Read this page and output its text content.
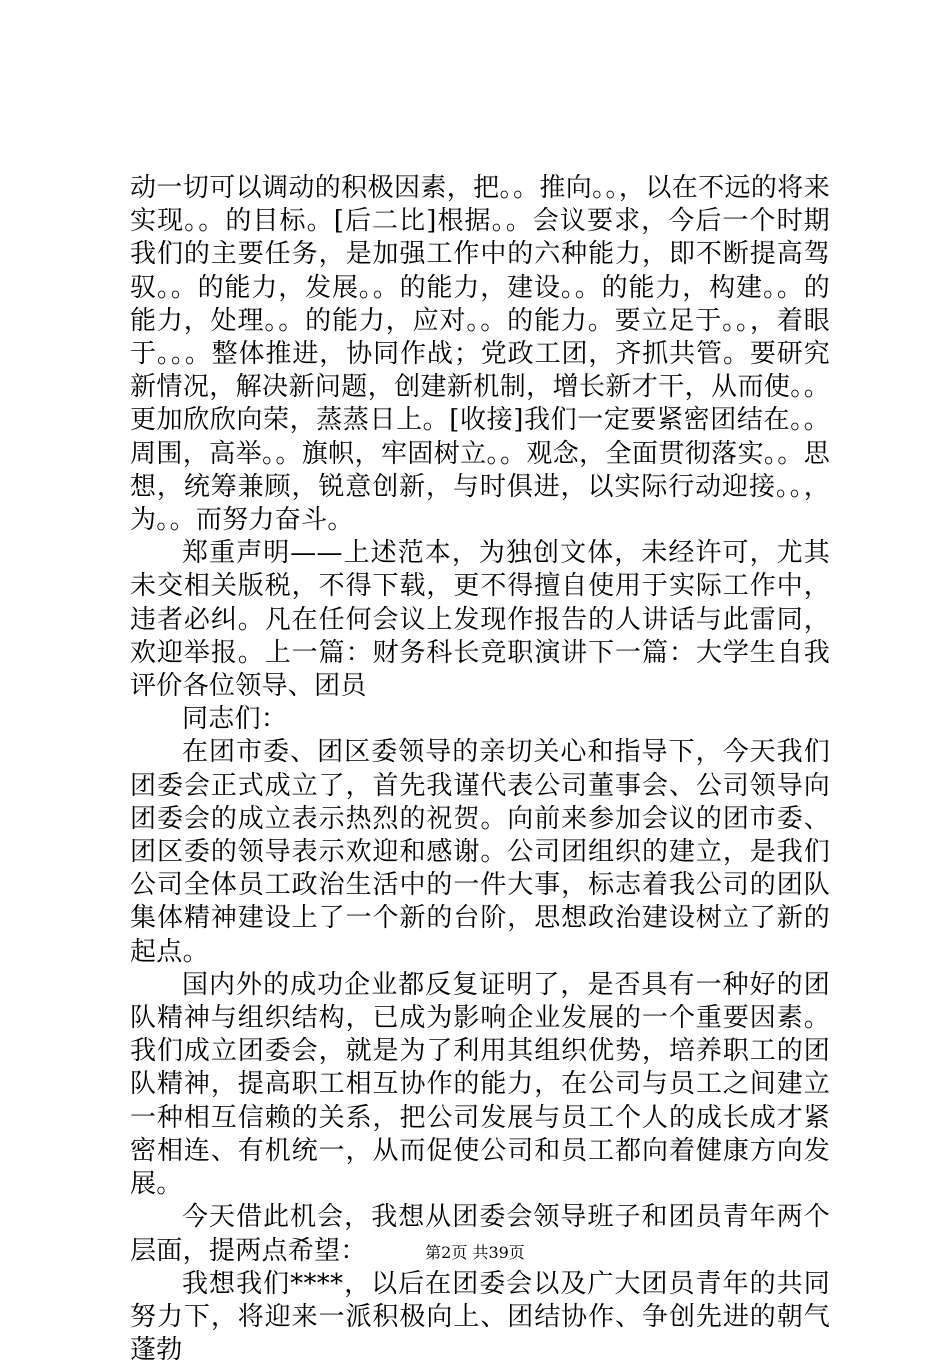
动一切可以调动的积极因素，把。。推向。。，以在不远的将来实现。。的目标。[后二比]根据。。会议要求，今后一个时期我们的主要任务，是加强工作中的六种能力，即不断提高驾驭。。的能力，发展。。的能力，建设。。的能力，构建。。的能力，处理。。的能力，应对。。的能力。要立足于。。，着眼于。。。整体推进，协同作战；党政工团，齐抓共管。要研究新情况，解决新问题，创建新机制，增长新才干，从而使。。更加欣欣向荣，蒸蒸日上。[收接]我们一定要紧密团结在。。周围，高举。。旗帜，牢固树立。。观念，全面贯彻落实。。思想，统筹兼顾，锐意创新，与时俱进，以实际行动迎接。。，为。。而努力奋斗。

郑重声明——上述范本，为独创文体，未经许可，尤其未交相关版税，不得下载，更不得擅自使用于实际工作中，违者必纠。凡在任何会议上发现作报告的人讲话与此雷同，欢迎举报。上一篇：财务科长竞职演讲下一篇：大学生自我评价各位领导、团员

同志们：

在团市委、团区委领导的亲切关心和指导下，今天我们团委会正式成立了，首先我谨代表公司董事会、公司领导向团委会的成立表示热烈的祝贺。向前来参加会议的团市委、团区委的领导表示欢迎和感谢。公司团组织的建立，是我们公司全体员工政治生活中的一件大事，标志着我公司的团队集体精神建设上了一个新的台阶，思想政治建设树立了新的起点。

国内外的成功企业都反复证明了，是否具有一种好的团队精神与组织结构，已成为影响企业发展的一个重要因素。我们成立团委会，就是为了利用其组织优势，培养职工的团队精神，提高职工相互协作的能力，在公司与员工之间建立一种相互信赖的关系，把公司发展与员工个人的成长成才紧密相连、有机统一，从而促使公司和员工都向着健康方向发展。

今天借此机会，我想从团委会领导班子和团员青年两个层面，提两点希望：

我想我们****，以后在团委会以及广大团员青年的共同努力下，将迎来一派积极向上、团结协作、争创先进的朝气蓬勃

第2页 共39页
